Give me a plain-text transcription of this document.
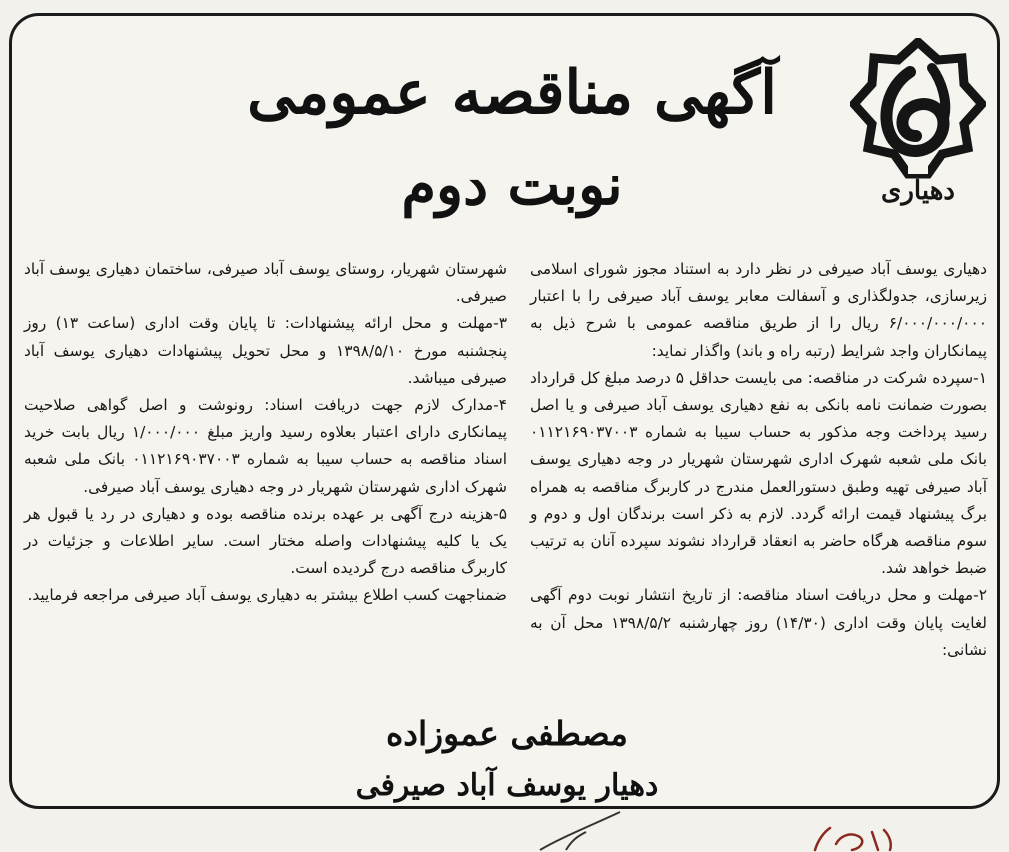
دهیاری
آگهی مناقصه عمومی
نوبت دوم

دهیاری یوسف آباد صیرفی در نظر دارد به استناد مجوز شورای اسلامی زیرسازی، جدولگذاری و آسفالت معابر یوسف آباد صیرفی را با اعتبار ۶/۰۰۰/۰۰۰/۰۰۰ ریال را از طریق مناقصه عمومی با شرح ذیل به پیمانکاران واجد شرایط (رتبه راه و باند) واگذار نماید:

۱-سپرده شرکت در مناقصه: می بایست حداقل ۵ درصد مبلغ کل قرارداد بصورت ضمانت نامه بانکی به نفع دهیاری یوسف آباد صیرفی و یا اصل رسید پرداخت وجه مذکور به حساب سیبا به شماره ۰۱۱۲۱۶۹۰۳۷۰۰۳ بانک ملی شعبه شهرک اداری شهرستان شهریار در وجه دهیاری یوسف آباد صیرفی تهیه وطبق دستورالعمل مندرج در کاربرگ مناقصه به همراه برگ پیشنهاد قیمت ارائه گردد. لازم به ذکر است برندگان اول و دوم و سوم مناقصه هرگاه حاضر به انعقاد قرارداد نشوند سپرده آنان به ترتیب ضبط خواهد شد.

۲-مهلت و محل دریافت اسناد مناقصه: از تاریخ انتشار نوبت دوم آگهی لغایت پایان وقت اداری (۱۴/۳۰) روز چهارشنبه ۱۳۹۸/۵/۲ محل آن به نشانی:

شهرستان شهریار، روستای یوسف آباد صیرفی، ساختمان دهیاری یوسف آباد صیرفی.

۳-مهلت و محل ارائه پیشنهادات: تا پایان وقت اداری (ساعت ۱۳) روز پنجشنبه مورخ ۱۳۹۸/۵/۱۰ و محل تحویل پیشنهادات دهیاری یوسف آباد صیرفی میباشد.

۴-مدارک لازم جهت دریافت اسناد: رونوشت و اصل گواهی صلاحیت پیمانکاری دارای اعتبار بعلاوه رسید واریز مبلغ ۱/۰۰۰/۰۰۰ ریال بابت خرید اسناد مناقصه به حساب سیبا به شماره ۰۱۱۲۱۶۹۰۳۷۰۰۳ بانک ملی شعبه شهرک اداری شهرستان شهریار در وجه دهیاری یوسف آباد صیرفی.

۵-هزینه درج آگهی بر عهده برنده مناقصه بوده و دهیاری در رد یا قبول هر یک یا کلیه پیشنهادات واصله مختار است. سایر اطلاعات و جزئیات در کاربرگ مناقصه درج گردیده است.

ضمناجهت کسب اطلاع بیشتر به دهیاری یوسف آباد صیرفی مراجعه فرمایید.

مصطفی عموزاده
دهیار یوسف آباد صیرفی
